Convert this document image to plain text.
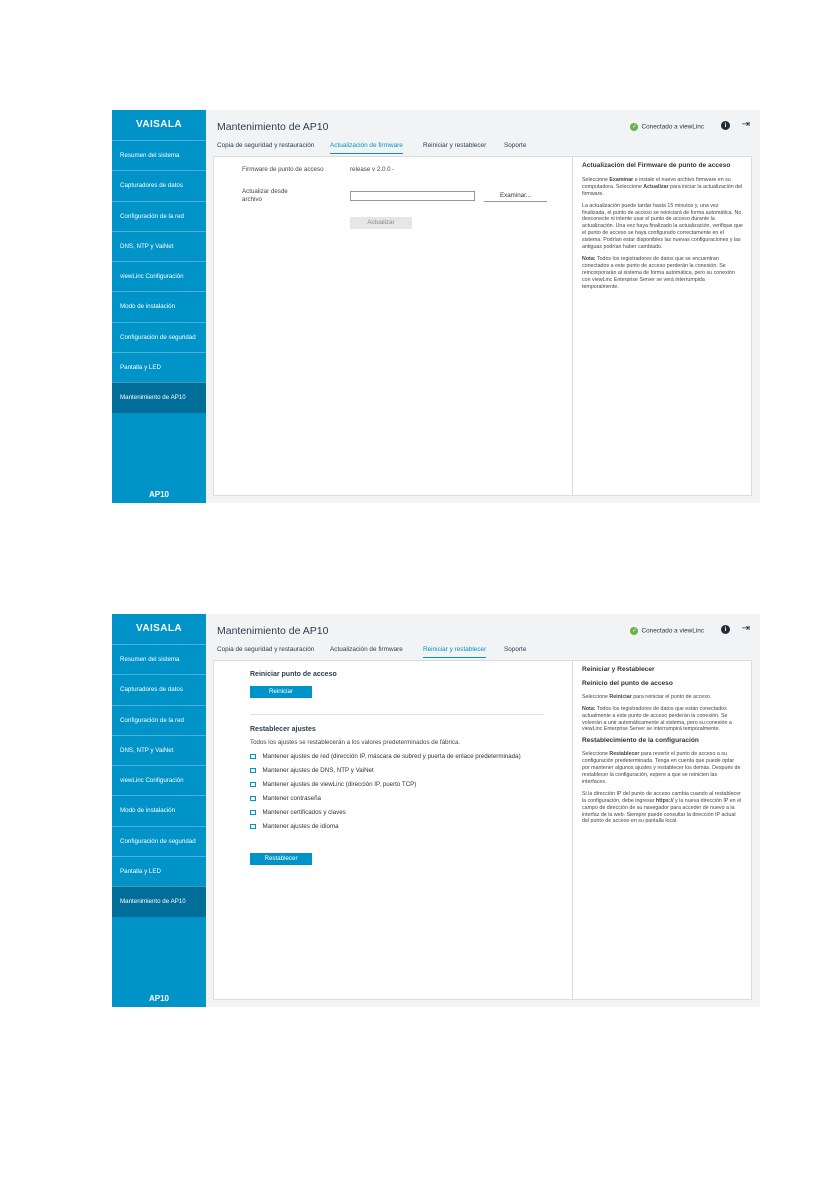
VAISALA
Resumen del sistema
Capturadores de datos
Configuración de la red
DNS, NTP y VaiNet
viewLinc Configuración
Modo de instalación
Configuración de seguridad
Pantalla y LED
Mantenimiento de AP10
AP10
Mantenimiento de AP10	✓ Conectado a viewLinc	i	⇥
Copia de seguridad y restauración Actualización de firmware	Reiniciar y restablecer	Soporte
Firmware de punto de acceso	release v 2.0.0 -
Actualizar desde
archivo
Examinar...
Actualizar

Actualización del Firmware de punto de acceso

Seleccione Examinar e instale el nuevo archivo firmware en su computadora. Seleccione Actualizar para iniciar la actualización del firmware.

La actualización puede tardar hasta 15 minutos y, una vez finalizada, el punto de acceso se reiniciará de forma automática. No desconecte ni intente usar el punto de acceso durante la actualización. Una vez haya finalizado la actualización, verifique que el punto de acceso se haya configurado correctamente en el sistema. Podrían estar disponibles las nuevas configuraciones y las antiguas podrían haber cambiado.

Nota: Todos los registradores de datos que se encuentran conectados a este punto de acceso perderán la conexión. Se reincorporarán al sistema de forma automática, pero su conexión con viewLinc Enterprise Server se verá interrumpida temporalmente.

VAISALA
Resumen del sistema
Capturadores de datos
Configuración de la red
DNS, NTP y VaiNet
viewLinc Configuración
Modo de instalación
Configuración de seguridad
Pantalla y LED
Mantenimiento de AP10
AP10
Mantenimiento de AP10	✓ Conectado a viewLinc	i	⇥
Copia de seguridad y restauración Actualización de firmware	Reiniciar y restablecer	Soporte
Reiniciar punto de acceso
Reiniciar
Restablecer ajustes
Todos los ajustes se restablecerán a los valores predeterminados de fábrica.
Mantener ajustes de red (dirección IP, máscara de subred y puerta de enlace predeterminada)
Mantener ajustes de DNS, NTP y VaiNet
Mantener ajustes de viewLinc (dirección IP, puerto TCP)
Mantener contraseña
Mantener certificados y claves
Mantener ajustes de idioma
Restablecer

Reiniciar y Restablecer

Reinicio del punto de acceso

Seleccione Reiniciar para reiniciar el punto de acceso.

Nota: Todos los registradores de datos que están conectados actualmente a este punto de acceso perderán la conexión. Se volverán a unir automáticamente al sistema, pero su conexión a viewLinc Enterprise Server se interrumpirá temporalmente.

Restablecimiento de la configuración

Seleccione Restablecer para revertir el punto de acceso a su configuración predeterminada. Tenga en cuenta que puede optar por mantener algunos ajustes y restablecer los demás. Después de restablecer la configuración, espere a que se reinicien las interfaces.

Si la dirección IP del punto de acceso cambia cuando al restablecer la configuración, debe ingresar https:// y la nueva dirección IP en el campo de dirección de su navegador para acceder de nuevo a la interfaz de la web. Siempre puede consultar la dirección IP actual del punto de acceso en su pantalla local.
